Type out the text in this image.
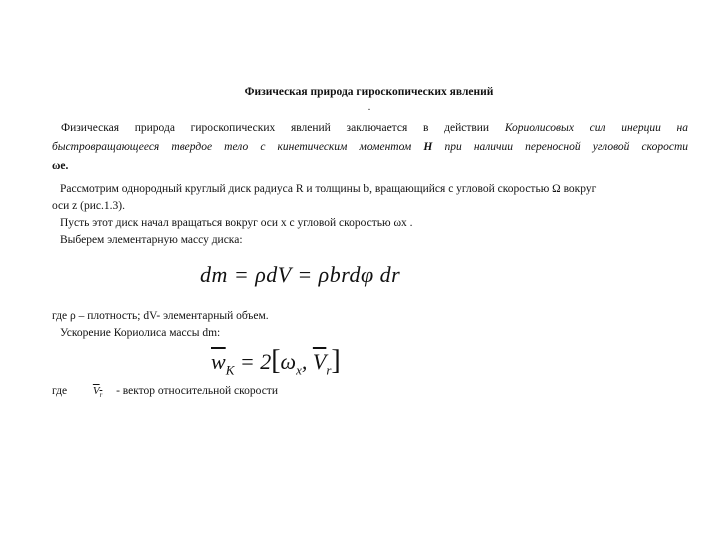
Физическая природа гироскопических явлений
.
Физическая природа гироскопических явлений заключается в действии Кориолисовых сил инерции на
быстровращающееся твердое тело с кинетическим моментом H при наличии переносной угловой скорости
ωe.
Рассмотрим однородный круглый диск радиуса R и толщины b, вращающийся с угловой скоростью Ω вокруг
оси z (рис.1.3).
Пусть этот диск начал вращаться вокруг оси x с угловой скоростью ωx .
Выберем элементарную массу диска:
dm = ρdV = ρbrdφ dr
где ρ – плотность; dV- элементарный объем.
Ускорение Кориолиса массы dm:
$\overline{w}_K = 2[\omega_x$, $\overline{V}_r$]
где $V_r$  - вектор относительной скорости
